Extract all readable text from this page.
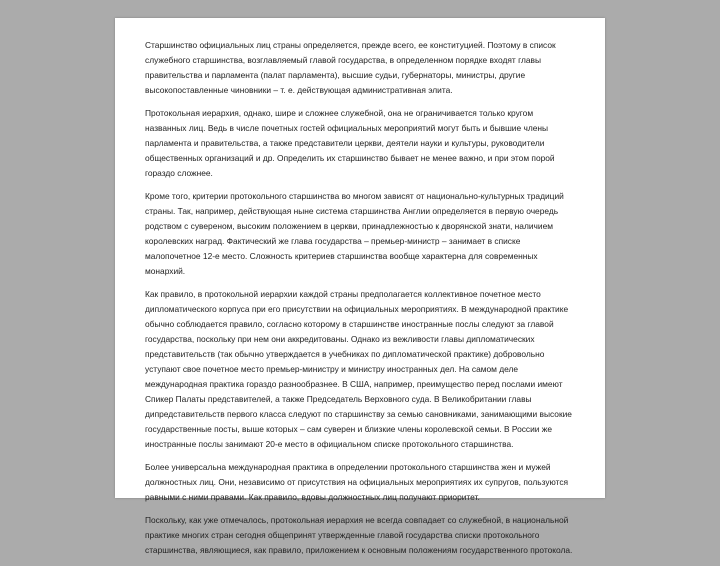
Старшинство официальных лиц страны определяется, прежде всего, ее конституцией. Поэтому в список служебного старшинства, возглавляемый главой государства, в определенном порядке входят главы правительства и парламента (палат парламента), высшие судьи, губернаторы, министры, другие высокопоставленные чиновники – т. е. действующая административная элита.

Протокольная иерархия, однако, шире и сложнее служебной, она не ограничивается только кругом названных лиц. Ведь в числе почетных гостей официальных мероприятий могут быть и бывшие члены парламента и правительства, а также представители церкви, деятели науки и культуры, руководители общественных организаций и др. Определить их старшинство бывает не менее важно, и при этом порой гораздо сложнее.

Кроме того, критерии протокольного старшинства во многом зависят от национально-культурных традиций страны. Так, например, действующая ныне система старшинства Англии определяется в первую очередь родством с сувереном, высоким положением в церкви, принадлежностью к дворянской знати, наличием королевских наград. Фактический же глава государства – премьер-министр – занимает в списке малопочетное 12-е место. Сложность критериев старшинства вообще характерна для современных монархий.

Как правило, в протокольной иерархии каждой страны предполагается коллективное почетное место дипломатического корпуса при его присутствии на официальных мероприятиях. В международной практике обычно соблюдается правило, согласно которому в старшинстве иностранные послы следуют за главой государства, поскольку при нем они аккредитованы. Однако из вежливости главы дипломатических представительств (так обычно утверждается в учебниках по дипломатической практике) добровольно уступают свое почетное место премьер-министру и министру иностранных дел. На самом деле международная практика гораздо разнообразнее. В США, например, преимущество перед послами имеют Спикер Палаты представителей, а также Председатель Верховного суда. В Великобритании главы дипредставительств первого класса следуют по старшинству за семью сановниками, занимающими высокие государственные посты, выше которых – сам суверен и близкие члены королевской семьи. В России же иностранные послы занимают 20-е место в официальном списке протокольного старшинства.

Более универсальна международная практика в определении протокольного старшинства жен и мужей должностных лиц. Они, независимо от присутствия на официальных мероприятиях их супругов, пользуются равными с ними правами. Как правило, вдовы должностных лиц получают приоритет.

Поскольку, как уже отмечалось, протокольная иерархия не всегда совпадает со служебной, в национальной практике многих стран сегодня общепринят утвержденные главой государства списки протокольного старшинства, являющиеся, как правило, приложением к основным положениям государственного протокола.
